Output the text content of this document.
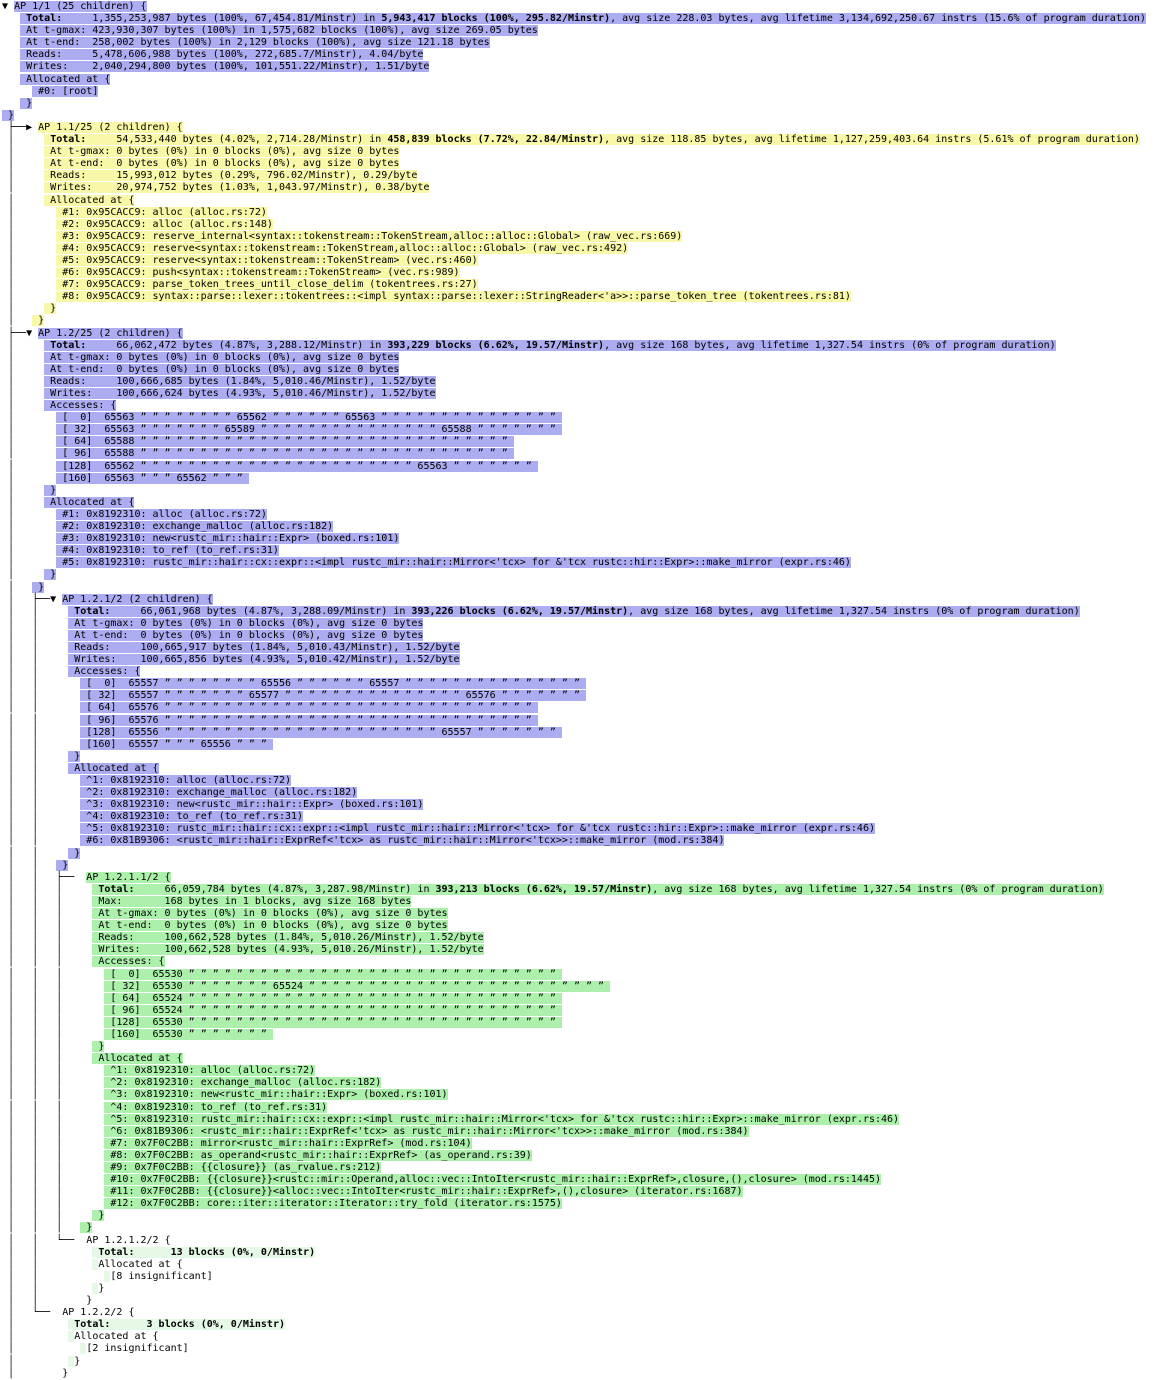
▼ AP 1/1 (25 children) {
Total:     1,355,253,987 bytes (100%, 67,454.81/Minstr) in 5,943,417 blocks (100%, 295.82/Minstr), avg size 228.03 bytes, avg lifetime 3,134,692,250.67 instrs (15.6% of program duration)
At t-gmax: 423,930,307 bytes (100%) in 1,575,682 blocks (100%), avg size 269.05 bytes
At t-end:  258,002 bytes (100%) in 2,129 blocks (100%), avg size 121.18 bytes
Reads:     5,478,606,988 bytes (100%, 272,685.7/Minstr), 4.04/byte
Writes:    2,040,294,800 bytes (100%, 101,551.22/Minstr), 1.51/byte
Allocated at {
#0: [root]
}
}
├──▶ AP 1.1/25 (2 children) {
│      Total:     54,533,440 bytes (4.02%, 2,714.28/Minstr) in 458,839 blocks (7.72%, 22.84/Minstr), avg size 118.85 bytes, avg lifetime 1,127,259,403.64 instrs (5.61% of program duration)
│      At t-gmax: 0 bytes (0%) in 0 blocks (0%), avg size 0 bytes
│      At t-end:  0 bytes (0%) in 0 blocks (0%), avg size 0 bytes
│      Reads:     15,993,012 bytes (0.29%, 796.02/Minstr), 0.29/byte
│      Writes:    20,974,752 bytes (1.03%, 1,043.97/Minstr), 0.38/byte
│      Allocated at {
│        #1: 0x95CACC9: alloc (alloc.rs:72)
│        #2: 0x95CACC9: alloc (alloc.rs:148)
│        #3: 0x95CACC9: reserve_internal<syntax::tokenstream::TokenStream,alloc::alloc::Global> (raw_vec.rs:669)
│        #4: 0x95CACC9: reserve<syntax::tokenstream::TokenStream,alloc::alloc::Global> (raw_vec.rs:492)
│        #5: 0x95CACC9: reserve<syntax::tokenstream::TokenStream> (vec.rs:460)
│        #6: 0x95CACC9: push<syntax::tokenstream::TokenStream> (vec.rs:989)
│        #7: 0x95CACC9: parse_token_trees_until_close_delim (tokentrees.rs:27)
│        #8: 0x95CACC9: syntax::parse::lexer::tokentrees::<impl syntax::parse::lexer::StringReader<'a>>::parse_token_tree (tokentrees.rs:81)
│      }
│    }
├──▼ AP 1.2/25 (2 children) {
│      Total:     66,062,472 bytes (4.87%, 3,288.12/Minstr) in 393,229 blocks (6.62%, 19.57/Minstr), avg size 168 bytes, avg lifetime 1,327.54 instrs (0% of program duration)
│      At t-gmax: 0 bytes (0%) in 0 blocks (0%), avg size 0 bytes
│      At t-end:  0 bytes (0%) in 0 blocks (0%), avg size 0 bytes
│      Reads:     100,666,685 bytes (1.84%, 5,010.46/Minstr), 1.52/byte
│      Writes:    100,666,624 bytes (4.93%, 5,010.46/Minstr), 1.52/byte
│      Accesses: {
│        [  0]  65563 ” ” ” ” ” ” ” ” 65562 ” ” ” ” ” ” 65563 ” ” ” ” ” ” ” ” ” ” ” ” ” ” ”
│        [ 32]  65563 ” ” ” ” ” ” ” 65589 ” ” ” ” ” ” ” ” ” ” ” ” ” ” ” 65588 ” ” ” ” ” ” ”
│        [ 64]  65588 ” ” ” ” ” ” ” ” ” ” ” ” ” ” ” ” ” ” ” ” ” ” ” ” ” ” ” ” ” ” ”
│        [ 96]  65588 ” ” ” ” ” ” ” ” ” ” ” ” ” ” ” ” ” ” ” ” ” ” ” ” ” ” ” ” ” ” ”
│        [128]  65562 ” ” ” ” ” ” ” ” ” ” ” ” ” ” ” ” ” ” ” ” ” ” ” 65563 ” ” ” ” ” ” ”
│        [160]  65563 ” ” ” 65562 ” ” ”
│      }
│      Allocated at {
│        #1: 0x8192310: alloc (alloc.rs:72)
│        #2: 0x8192310: exchange_malloc (alloc.rs:182)
│        #3: 0x8192310: new<rustc_mir::hair::Expr> (boxed.rs:101)
│        #4: 0x8192310: to_ref (to_ref.rs:31)
│        #5: 0x8192310: rustc_mir::hair::cx::expr::<impl rustc_mir::hair::Mirror<'tcx> for &'tcx rustc::hir::Expr>::make_mirror (expr.rs:46)
│      }
│    }
│   ├──▼ AP 1.2.1/2 (2 children) {
│   │      Total:     66,061,968 bytes (4.87%, 3,288.09/Minstr) in 393,226 blocks (6.62%, 19.57/Minstr), avg size 168 bytes, avg lifetime 1,327.54 instrs (0% of program duration)
│   │      At t-gmax: 0 bytes (0%) in 0 blocks (0%), avg size 0 bytes
│   │      At t-end:  0 bytes (0%) in 0 blocks (0%), avg size 0 bytes
│   │      Reads:     100,665,917 bytes (1.84%, 5,010.43/Minstr), 1.52/byte
│   │      Writes:    100,665,856 bytes (4.93%, 5,010.42/Minstr), 1.52/byte
│   │      Accesses: {
│   │        [  0]  65557 ” ” ” ” ” ” ” ” 65556 ” ” ” ” ” ” 65557 ” ” ” ” ” ” ” ” ” ” ” ” ” ” ”
│   │        [ 32]  65557 ” ” ” ” ” ” ” 65577 ” ” ” ” ” ” ” ” ” ” ” ” ” ” ” 65576 ” ” ” ” ” ” ”
│   │        [ 64]  65576 ” ” ” ” ” ” ” ” ” ” ” ” ” ” ” ” ” ” ” ” ” ” ” ” ” ” ” ” ” ” ”
│   │        [ 96]  65576 ” ” ” ” ” ” ” ” ” ” ” ” ” ” ” ” ” ” ” ” ” ” ” ” ” ” ” ” ” ” ”
│   │        [128]  65556 ” ” ” ” ” ” ” ” ” ” ” ” ” ” ” ” ” ” ” ” ” ” ” 65557 ” ” ” ” ” ” ”
│   │        [160]  65557 ” ” ” 65556 ” ” ”
│   │      }
│   │      Allocated at {
│   │        ^1: 0x8192310: alloc (alloc.rs:72)
│   │        ^2: 0x8192310: exchange_malloc (alloc.rs:182)
│   │        ^3: 0x8192310: new<rustc_mir::hair::Expr> (boxed.rs:101)
│   │        ^4: 0x8192310: to_ref (to_ref.rs:31)
│   │        ^5: 0x8192310: rustc_mir::hair::cx::expr::<impl rustc_mir::hair::Mirror<'tcx> for &'tcx rustc::hir::Expr>::make_mirror (expr.rs:46)
│   │        #6: 0x81B9306: <rustc_mir::hair::ExprRef<'tcx> as rustc_mir::hair::Mirror<'tcx>>::make_mirror (mod.rs:384)
│   │      }
│   │    }
│   │   ├──  AP 1.2.1.1/2 {
│   │   │      Total:     66,059,784 bytes (4.87%, 3,287.98/Minstr) in 393,213 blocks (6.62%, 19.57/Minstr), avg size 168 bytes, avg lifetime 1,327.54 instrs (0% of program duration)
│   │   │      Max:       168 bytes in 1 blocks, avg size 168 bytes
│   │   │      At t-gmax: 0 bytes (0%) in 0 blocks (0%), avg size 0 bytes
│   │   │      At t-end:  0 bytes (0%) in 0 blocks (0%), avg size 0 bytes
│   │   │      Reads:     100,662,528 bytes (1.84%, 5,010.26/Minstr), 1.52/byte
│   │   │      Writes:    100,662,528 bytes (4.93%, 5,010.26/Minstr), 1.52/byte
│   │   │      Accesses: {
│   │   │        [  0]  65530 ” ” ” ” ” ” ” ” ” ” ” ” ” ” ” ” ” ” ” ” ” ” ” ” ” ” ” ” ” ” ”
│   │   │        [ 32]  65530 ” ” ” ” ” ” ” 65524 ” ” ” ” ” ” ” ” ” ” ” ” ” ” ” ” ” ” ” ” ” ” ” ” ”
│   │   │        [ 64]  65524 ” ” ” ” ” ” ” ” ” ” ” ” ” ” ” ” ” ” ” ” ” ” ” ” ” ” ” ” ” ” ”
│   │   │        [ 96]  65524 ” ” ” ” ” ” ” ” ” ” ” ” ” ” ” ” ” ” ” ” ” ” ” ” ” ” ” ” ” ” ”
│   │   │        [128]  65530 ” ” ” ” ” ” ” ” ” ” ” ” ” ” ” ” ” ” ” ” ” ” ” ” ” ” ” ” ” ” ”
│   │   │        [160]  65530 ” ” ” ” ” ” ”
│   │   │      }
│   │   │      Allocated at {
│   │   │        ^1: 0x8192310: alloc (alloc.rs:72)
│   │   │        ^2: 0x8192310: exchange_malloc (alloc.rs:182)
│   │   │        ^3: 0x8192310: new<rustc_mir::hair::Expr> (boxed.rs:101)
│   │   │        ^4: 0x8192310: to_ref (to_ref.rs:31)
│   │   │        ^5: 0x8192310: rustc_mir::hair::cx::expr::<impl rustc_mir::hair::Mirror<'tcx> for &'tcx rustc::hir::Expr>::make_mirror (expr.rs:46)
│   │   │        ^6: 0x81B9306: <rustc_mir::hair::ExprRef<'tcx> as rustc_mir::hair::Mirror<'tcx>>::make_mirror (mod.rs:384)
│   │   │        #7: 0x7F0C2BB: mirror<rustc_mir::hair::ExprRef> (mod.rs:104)
│   │   │        #8: 0x7F0C2BB: as_operand<rustc_mir::hair::ExprRef> (as_operand.rs:39)
│   │   │        #9: 0x7F0C2BB: {{closure}} (as_rvalue.rs:212)
│   │   │        #10: 0x7F0C2BB: {{closure}}<rustc::mir::Operand,alloc::vec::IntoIter<rustc_mir::hair::ExprRef>,closure,(),closure> (mod.rs:1445)
│   │   │        #11: 0x7F0C2BB: {{closure}}<alloc::vec::IntoIter<rustc_mir::hair::ExprRef>,(),closure> (iterator.rs:1687)
│   │   │        #12: 0x7F0C2BB: core::iter::iterator::Iterator::try_fold (iterator.rs:1575)
│   │   │      }
│   │   │    }
│   │   └──  AP 1.2.1.2/2 {
│   │          Total:	13 blocks (0%, 0/Minstr)
│   │          Allocated at {
│   │            [8 insignificant]
│   │          }
│   │        }
│   └──  AP 1.2.2/2 {
│          Total:	3 blocks (0%, 0/Minstr)
│          Allocated at {
│            [2 insignificant]
│          }
│        }
